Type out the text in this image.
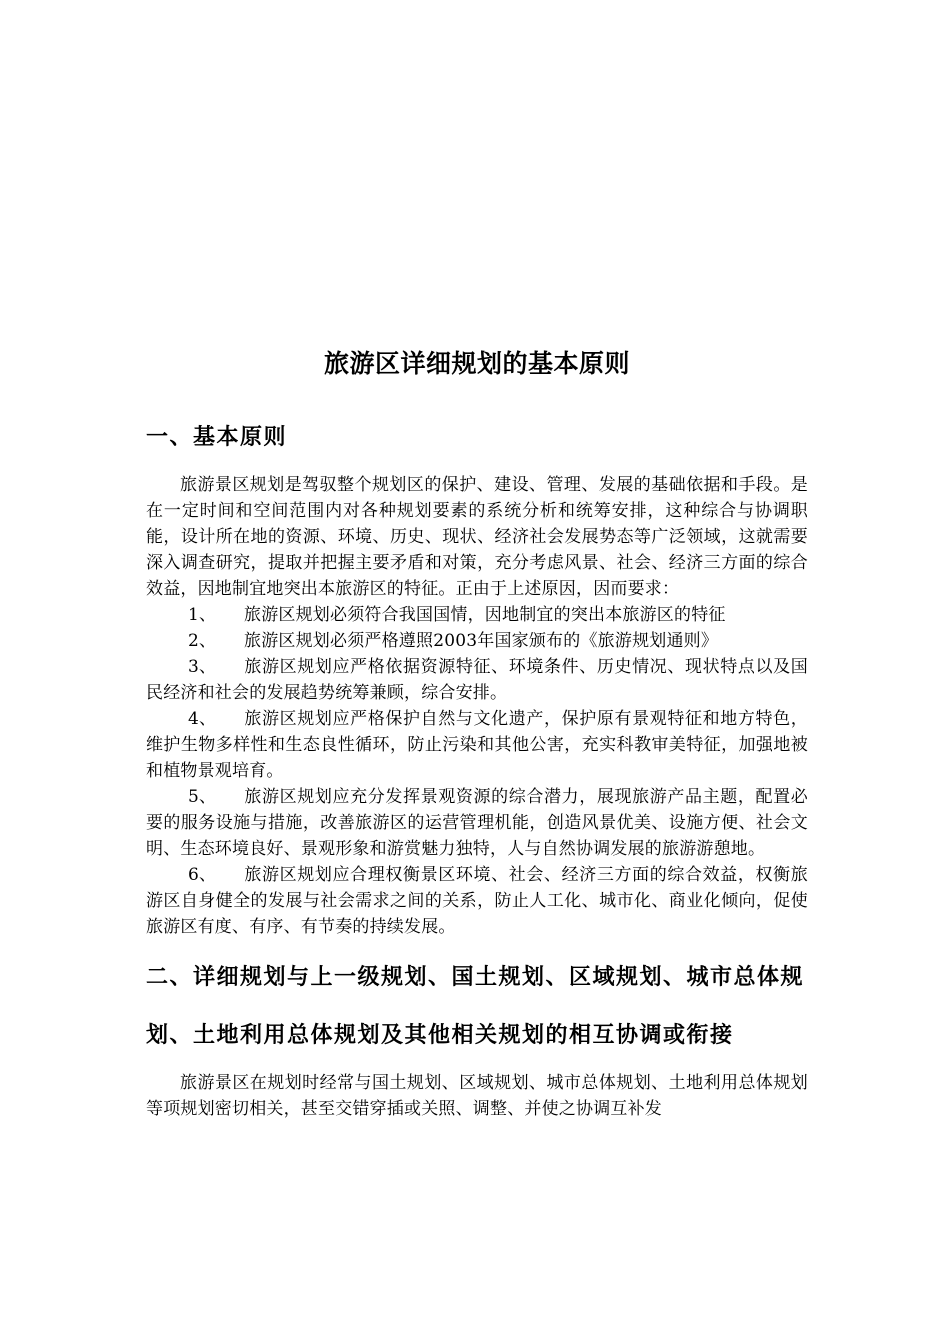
旅游区详细规划的基本原则
一、基本原则

旅游景区规划是驾驭整个规划区的保护、建设、管理、发展的基础依据和手段。是在一定时间和空间范围内对各种规划要素的系统分析和统筹安排，这种综合与协调职能，设计所在地的资源、环境、历史、现状、经济社会发展势态等广泛领域，这就需要深入调查研究，提取并把握主要矛盾和对策，充分考虑风景、社会、经济三方面的综合效益，因地制宜地突出本旅游区的特征。正由于上述原因，因而要求：

1、 旅游区规划必须符合我国国情，因地制宜的突出本旅游区的特征

2、 旅游区规划必须严格遵照2003年国家颁布的《旅游规划通则》

3、 旅游区规划应严格依据资源特征、环境条件、历史情况、现状特点以及国民经济和社会的发展趋势统筹兼顾，综合安排。

4、 旅游区规划应严格保护自然与文化遗产，保护原有景观特征和地方特色，维护生物多样性和生态良性循环，防止污染和其他公害，充实科教审美特征，加强地被和植物景观培育。

5、 旅游区规划应充分发挥景观资源的综合潜力，展现旅游产品主题，配置必要的服务设施与措施，改善旅游区的运营管理机能，创造风景优美、设施方便、社会文明、生态环境良好、景观形象和游赏魅力独特，人与自然协调发展的旅游游憩地。

6、 旅游区规划应合理权衡景区环境、社会、经济三方面的综合效益，权衡旅游区自身健全的发展与社会需求之间的关系，防止人工化、城市化、商业化倾向，促使旅游区有度、有序、有节奏的持续发展。

二、详细规划与上一级规划、国土规划、区域规划、城市总体规划、土地利用总体规划及其他相关规划的相互协调或衔接

旅游景区在规划时经常与国土规划、区域规划、城市总体规划、土地利用总体规划等项规划密切相关，甚至交错穿插或关照、调整、并使之协调互补发
